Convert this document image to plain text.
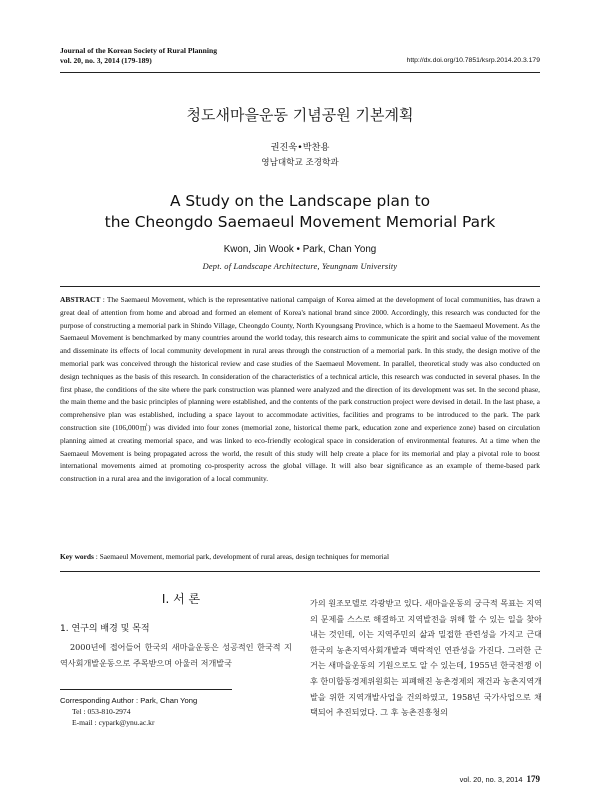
Journal of the Korean Society of Rural Planning
vol. 20, no. 3, 2014 (179-189)	http://dx.doi.org/10.7851/ksrp.2014.20.3.179
청도새마을운동 기념공원 기본계획
권진욱•박찬용
영남대학교 조경학과
A Study on the Landscape plan to
the Cheongdo Saemaeul Movement Memorial Park
Kwon, Jin Wook • Park, Chan Yong
Dept. of Landscape Architecture, Yeungnam University
ABSTRACT : The Saemaeul Movement, which is the representative national campaign of Korea aimed at the development of local communities, has drawn a great deal of attention from home and abroad and formed an element of Korea's national brand since 2000. Accordingly, this research was conducted for the purpose of constructing a memorial park in Shindo Village, Cheongdo County, North Kyoungsang Province, which is a home to the Saemaeul Movement. As the Saemaeul Movement is benchmarked by many countries around the world today, this research aims to communicate the spirit and social value of the movement and disseminate its effects of local community development in rural areas through the construction of a memorial park. In this study, the design motive of the memorial park was conceived through the historical review and case studies of the Saemaeul Movement. In parallel, theoretical study was also conducted on design techniques as the basis of this research. In consideration of the characteristics of a technical article, this research was conducted in several phases. In the first phase, the conditions of the site where the park construction was planned were analyzed and the direction of its development was set. In the second phase, the main theme and the basic principles of planning were established, and the contents of the park construction project were devised in detail. In the last phase, a comprehensive plan was established, including a space layout to accommodate activities, facilities and programs to be introduced to the park. The park construction site (106,000㎡) was divided into four zones (memorial zone, historical theme park, education zone and experience zone) based on circulation planning aimed at creating memorial space, and was linked to eco-friendly ecological space in consideration of environmental features. At a time when the Saemaeul Movement is being propagated across the world, the result of this study will help create a place for its memorial and play a pivotal role to boost international movements aimed at promoting co-prosperity across the global village. It will also bear significance as an example of theme-based park construction in a rural area and the invigoration of a local community.
Key words : Saemaeul Movement, memorial park, development of rural areas, design techniques for memorial
Ⅰ. 서 론
1. 연구의 배경 및 목적
2000년에 접어들어 한국의 새마을운동은 성공적인 한국적 지역사회개발운동으로 주목받으며 아울러 저개발국
가의 원조모델로 각광받고 있다. 새마을운동의 궁극적 목표는 지역의 문제를 스스로 해결하고 지역발전을 위해 할 수 있는 일을 찾아내는 것인데, 이는 지역주민의 삶과 밀접한 관련성을 가지고 근대 한국의 농촌지역사회개발과 맥락적인 연관성을 가진다. 그러한 근거는 새마을운동의 기원으로도 알 수 있는데, 1955년 한국전쟁 이후 한미합동경제위원회는 피폐해진 농촌경제의 재건과 농촌지역개발을 위한 지역개발사업을 건의하였고, 1958년 국가사업으로 채택되어 추진되었다. 그 후 농촌진흥청의
Corresponding Author : Park, Chan Yong
Tel : 053-810-2974
E-mail : cypark@ynu.ac.kr
vol. 20, no. 3, 2014 179
